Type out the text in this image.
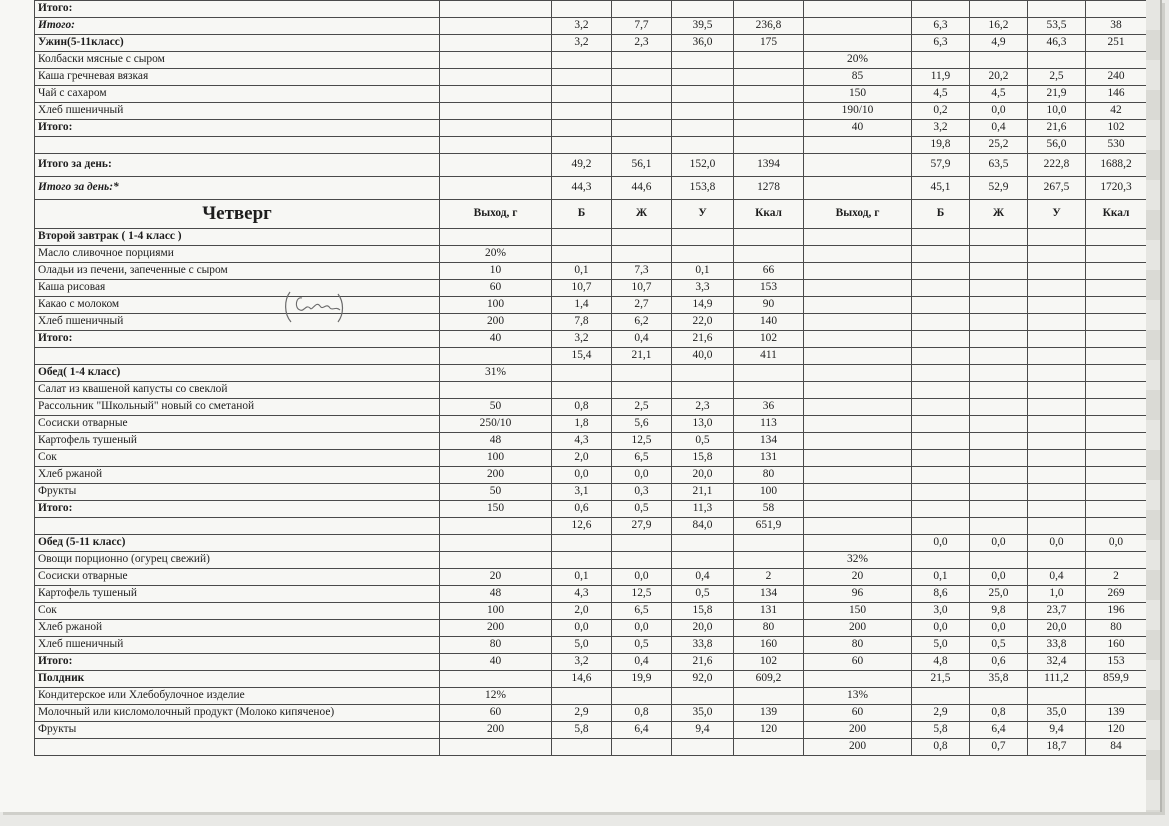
Итого:										
Итого:		3,2	7,7	39,5	236,8		6,3	16,2	53,5	38
Ужин(5-11класс)		3,2	2,3	36,0	175		6,3	4,9	46,3	251
Колбаски мясные с сыром						20%				
Каша гречневая вязкая						85	11,9	20,2	2,5	240
Чай с сахаром						150	4,5	4,5	21,9	146
Хлеб пшеничный						190/10	0,2	0,0	10,0	42
Итого:						40	3,2	0,4	21,6	102
							19,8	25,2	56,0	530
Итого за день:		49,2	56,1	152,0	1394		57,9	63,5	222,8	1688,2
Итого за день:*		44,3	44,6	153,8	1278		45,1	52,9	267,5	1720,3
Четверг	Выход, г	Б	Ж	У	Ккал	Выход, г	Б	Ж	У	Ккал
Второй завтрак ( 1-4 класс )										
Масло сливочное порциями	20%									
Оладьи из печени, запеченные с сыром	10	0,1	7,3	0,1	66					
Каша рисовая	60	10,7	10,7	3,3	153					
Какао с молоком	100	1,4	2,7	14,9	90					
Хлеб пшеничный	200	7,8	6,2	22,0	140					
Итого:	40	3,2	0,4	21,6	102					
		15,4	21,1	40,0	411					
Обед( 1-4 класс)	31%									
Салат из квашеной капусты со свеклой										
Рассольник "Школьный" новый со сметаной	50	0,8	2,5	2,3	36					
Сосиски отварные	250/10	1,8	5,6	13,0	113					
Картофель тушеный	48	4,3	12,5	0,5	134					
Сок	100	2,0	6,5	15,8	131					
Хлеб ржаной	200	0,0	0,0	20,0	80					
Фрукты	50	3,1	0,3	21,1	100					
Итого:	150	0,6	0,5	11,3	58					
		12,6	27,9	84,0	651,9					
Обед (5-11 класс)							0,0	0,0	0,0	0,0
Овощи порционно (огурец свежий)						32%				
Сосиски отварные	20	0,1	0,0	0,4	2	20	0,1	0,0	0,4	2
Картофель тушеный	48	4,3	12,5	0,5	134	96	8,6	25,0	1,0	269
Сок	100	2,0	6,5	15,8	131	150	3,0	9,8	23,7	196
Хлеб ржаной	200	0,0	0,0	20,0	80	200	0,0	0,0	20,0	80
Хлеб пшеничный	80	5,0	0,5	33,8	160	80	5,0	0,5	33,8	160
Итого:	40	3,2	0,4	21,6	102	60	4,8	0,6	32,4	153
Полдник		14,6	19,9	92,0	609,2		21,5	35,8	111,2	859,9
Кондитерское или Хлебобулочное изделие	12%					13%				
Молочный или кисломолочный продукт (Молоко кипяченое)	60	2,9	0,8	35,0	139	60	2,9	0,8	35,0	139
Фрукты	200	5,8	6,4	9,4	120	200	5,8	6,4	9,4	120
						200	0,8	0,7	18,7	84
